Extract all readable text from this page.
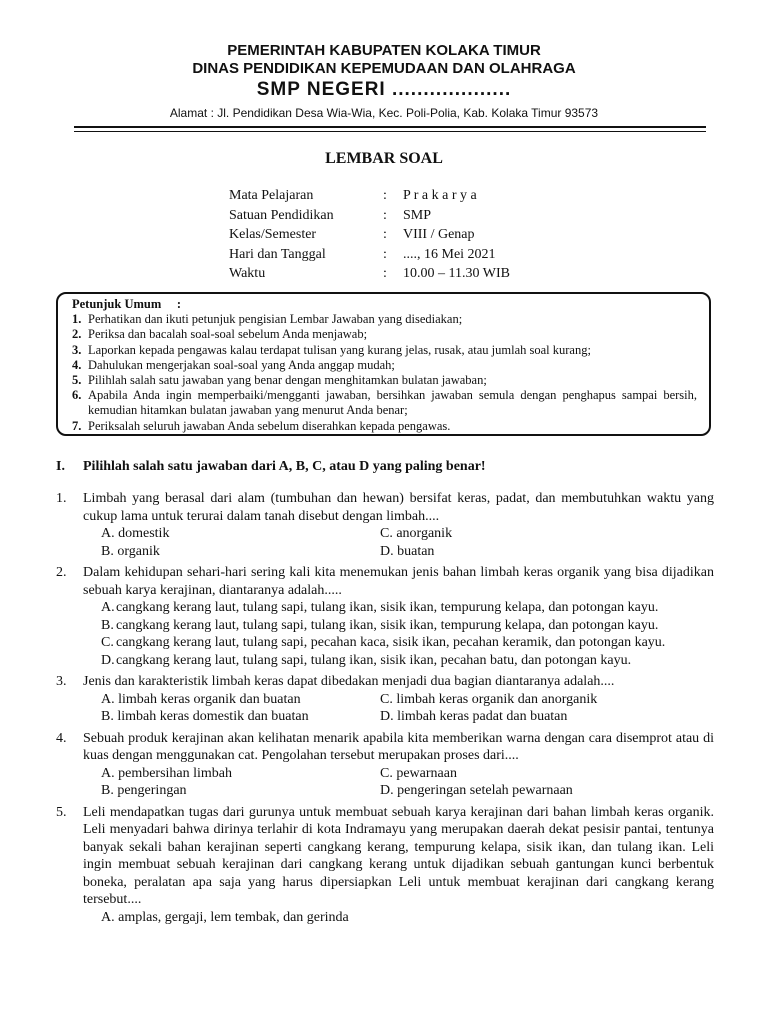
PEMERINTAH KABUPATEN KOLAKA TIMUR
DINAS PENDIDIKAN KEPEMUDAAN DAN OLAHRAGA
SMP NEGERI ...................
Alamat : Jl. Pendidikan Desa Wia-Wia, Kec. Poli-Polia, Kab. Kolaka Timur 93573
LEMBAR SOAL
Mata Pelajaran	: P r a k a r y a
Satuan Pendidikan	: SMP
Kelas/Semester	: VIII / Genap
Hari dan Tanggal	: ...., 16 Mei 2021
Waktu	: 10.00 – 11.30 WIB
Petunjuk Umum     :
1. Perhatikan dan ikuti petunjuk pengisian Lembar Jawaban yang disediakan;
2. Periksa dan bacalah soal-soal sebelum Anda menjawab;
3. Laporkan kepada pengawas kalau terdapat tulisan yang kurang jelas, rusak, atau jumlah soal kurang;
4. Dahulukan mengerjakan soal-soal yang Anda anggap mudah;
5. Pilihlah salah satu jawaban yang benar dengan menghitamkan bulatan jawaban;
6. Apabila Anda ingin memperbaiki/mengganti jawaban, bersihkan jawaban semula dengan penghapus sampai bersih, kemudian hitamkan bulatan jawaban yang menurut Anda benar;
7. Periksalah seluruh jawaban Anda sebelum diserahkan kepada pengawas.
I. Pilihlah salah satu jawaban dari A, B, C, atau D yang paling benar!
1. Limbah yang berasal dari alam (tumbuhan dan hewan) bersifat keras, padat, dan membutuhkan waktu yang cukup lama untuk terurai dalam tanah disebut dengan limbah....
A. domestik	C. anorganik
B. organik	D. buatan
2. Dalam kehidupan sehari-hari sering kali kita menemukan jenis bahan limbah keras organik yang bisa dijadikan sebuah karya kerajinan, diantaranya adalah.....
A. cangkang kerang laut, tulang sapi, tulang ikan, sisik ikan, tempurung kelapa, dan potongan kayu.
B. cangkang kerang laut, tulang sapi, tulang ikan, sisik ikan, tempurung kelapa, dan potongan kayu.
C. cangkang kerang laut, tulang sapi, pecahan kaca, sisik ikan, pecahan keramik, dan potongan kayu.
D. cangkang kerang laut, tulang sapi, tulang ikan, sisik ikan, pecahan batu, dan potongan kayu.
3. Jenis dan karakteristik limbah keras dapat dibedakan menjadi dua bagian diantaranya adalah....
A. limbah keras organik dan buatan	C. limbah keras organik dan anorganik
B. limbah keras domestik dan buatan	D. limbah keras padat dan buatan
4. Sebuah produk kerajinan akan kelihatan menarik apabila kita memberikan warna dengan cara disemprot atau di kuas dengan menggunakan cat. Pengolahan tersebut merupakan proses dari....
A. pembersihan limbah	C. pewarnaan
B. pengeringan	D. pengeringan setelah pewarnaan
5. Leli mendapatkan tugas dari gurunya untuk membuat sebuah karya kerajinan dari bahan limbah keras organik. Leli menyadari bahwa dirinya terlahir di kota Indramayu yang merupakan daerah dekat pesisir pantai, tentunya banyak sekali bahan kerajinan seperti cangkang kerang, tempurung kelapa, sisik ikan, dan tulang ikan. Leli ingin membuat sebuah kerajinan dari cangkang kerang untuk dijadikan sebuah gantungan kunci berbentuk boneka, peralatan apa saja yang harus dipersiapkan Leli untuk membuat kerajinan dari cangkang kerang tersebut....
A. amplas, gergaji, lem tembak, dan gerinda
